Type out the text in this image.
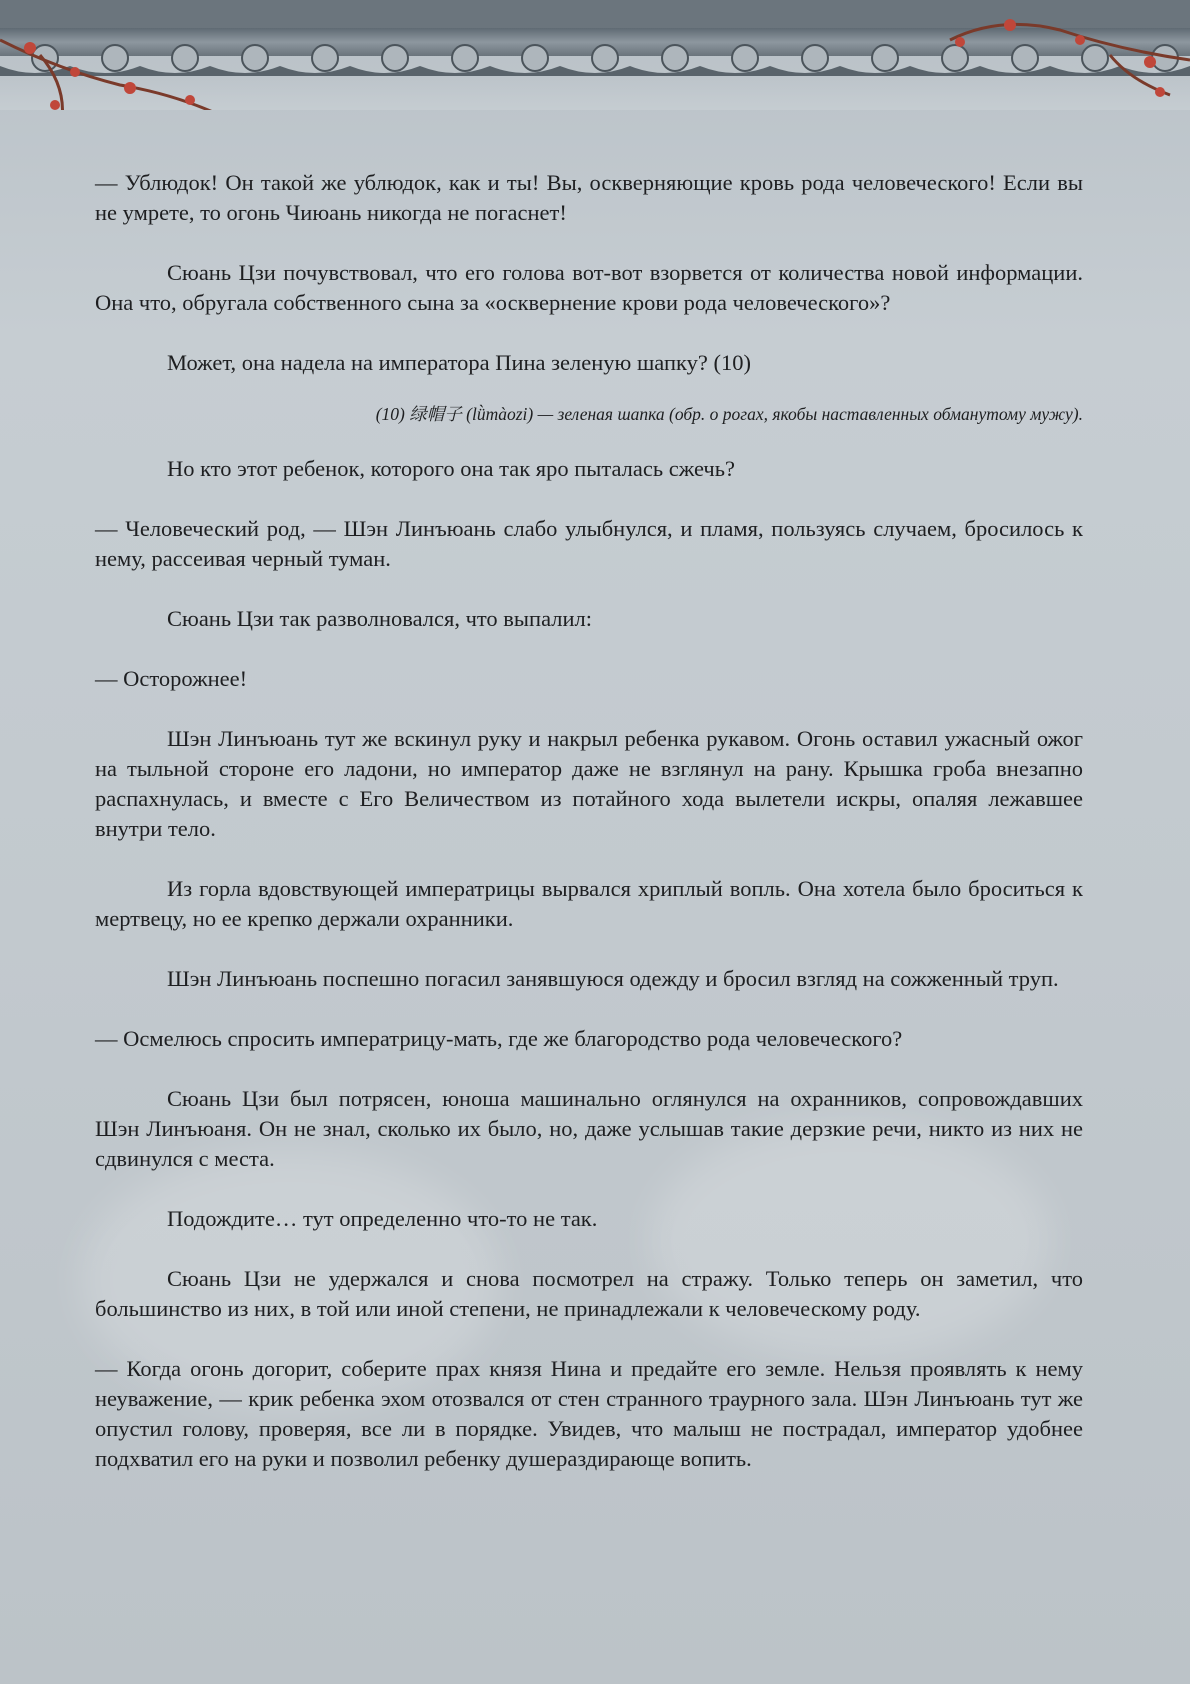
— Ублюдок! Он такой же ублюдок, как и ты! Вы, оскверняющие кровь рода человеческого! Если вы не умрете, то огонь Чиюань никогда не погаснет!

Сюань Цзи почувствовал, что его голова вот-вот взорвется от количества новой информации. Она что, обругала собственного сына за «осквернение крови рода человеческого»?

Может, она надела на императора Пина зеленую шапку? (10)

(10) 绿帽子 (lǜmàozi) — зеленая шапка (обр. о рогах, якобы наставленных обманутому мужу).

Но кто этот ребенок, которого она так яро пыталась сжечь?

— Человеческий род, — Шэн Линъюань слабо улыбнулся, и пламя, пользуясь случаем, бросилось к нему, рассеивая черный туман.

Сюань Цзи так разволновался, что выпалил:

— Осторожнее!

Шэн Линъюань тут же вскинул руку и накрыл ребенка рукавом. Огонь оставил ужасный ожог на тыльной стороне его ладони, но император даже не взглянул на рану. Крышка гроба внезапно распахнулась, и вместе с Его Величеством из потайного хода вылетели искры, опаляя лежавшее внутри тело.

Из горла вдовствующей императрицы вырвался хриплый вопль. Она хотела было броситься к мертвецу, но ее крепко держали охранники.

Шэн Линъюань поспешно погасил занявшуюся одежду и бросил взгляд на сожженный труп.

— Осмелюсь спросить императрицу-мать, где же благородство рода человеческого?

Сюань Цзи был потрясен, юноша машинально оглянулся на охранников, сопровождавших Шэн Линъюаня. Он не знал, сколько их было, но, даже услышав такие дерзкие речи, никто из них не сдвинулся с места.

Подождите… тут определенно что-то не так.

Сюань Цзи не удержался и снова посмотрел на стражу. Только теперь он заметил, что большинство из них, в той или иной степени, не принадлежали к человеческому роду.

— Когда огонь догорит, соберите прах князя Нина и предайте его земле. Нельзя проявлять к нему неуважение, — крик ребенка эхом отозвался от стен странного траурного зала. Шэн Линъюань тут же опустил голову, проверяя, все ли в порядке. Увидев, что малыш не пострадал, император удобнее подхватил его на руки и позволил ребенку душераздирающе вопить.
